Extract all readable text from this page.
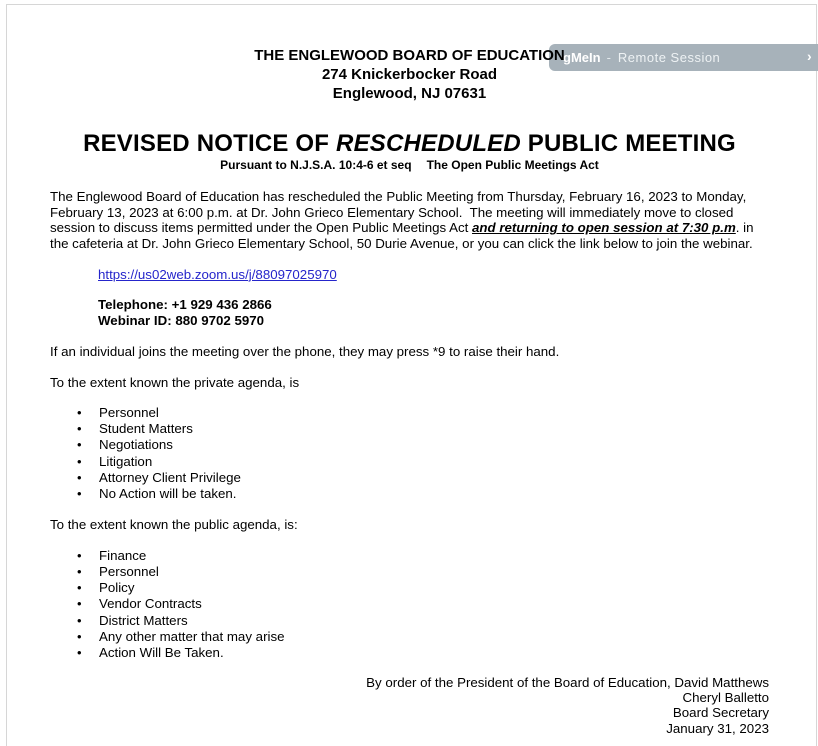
THE ENGLEWOOD BOARD OF EDUCATION
274 Knickerbocker Road
Englewood, NJ 07631
REVISED NOTICE OF RESCHEDULED PUBLIC MEETING
Pursuant to N.J.S.A. 10:4-6 et seq The Open Public Meetings Act
The Englewood Board of Education has rescheduled the Public Meeting from Thursday, February 16, 2023 to Monday,
February 13, 2023 at 6:00 p.m. at Dr. John Grieco Elementary School.  The meeting will immediately move to closed
session to discuss items permitted under the Open Public Meetings Act and returning to open session at 7:30 p.m. in
the cafeteria at Dr. John Grieco Elementary School, 50 Durie Avenue, or you can click the link below to join the webinar.
https://us02web.zoom.us/j/88097025970
Telephone: +1 929 436 2866
Webinar ID: 880 9702 5970
If an individual joins the meeting over the phone, they may press *9 to raise their hand.
To the extent known the private agenda, is
•	Personnel
•	Student Matters
•	Negotiations
•	Litigation
•	Attorney Client Privilege
•	No Action will be taken.
To the extent known the public agenda, is:
•	Finance
•	Personnel
•	Policy
•	Vendor Contracts
•	District Matters
•	Any other matter that may arise
•	Action Will Be Taken.
By order of the President of the Board of Education, David Matthews
Cheryl Balletto
Board Secretary
January 31, 2023
gMeIn - Remote Session	›
